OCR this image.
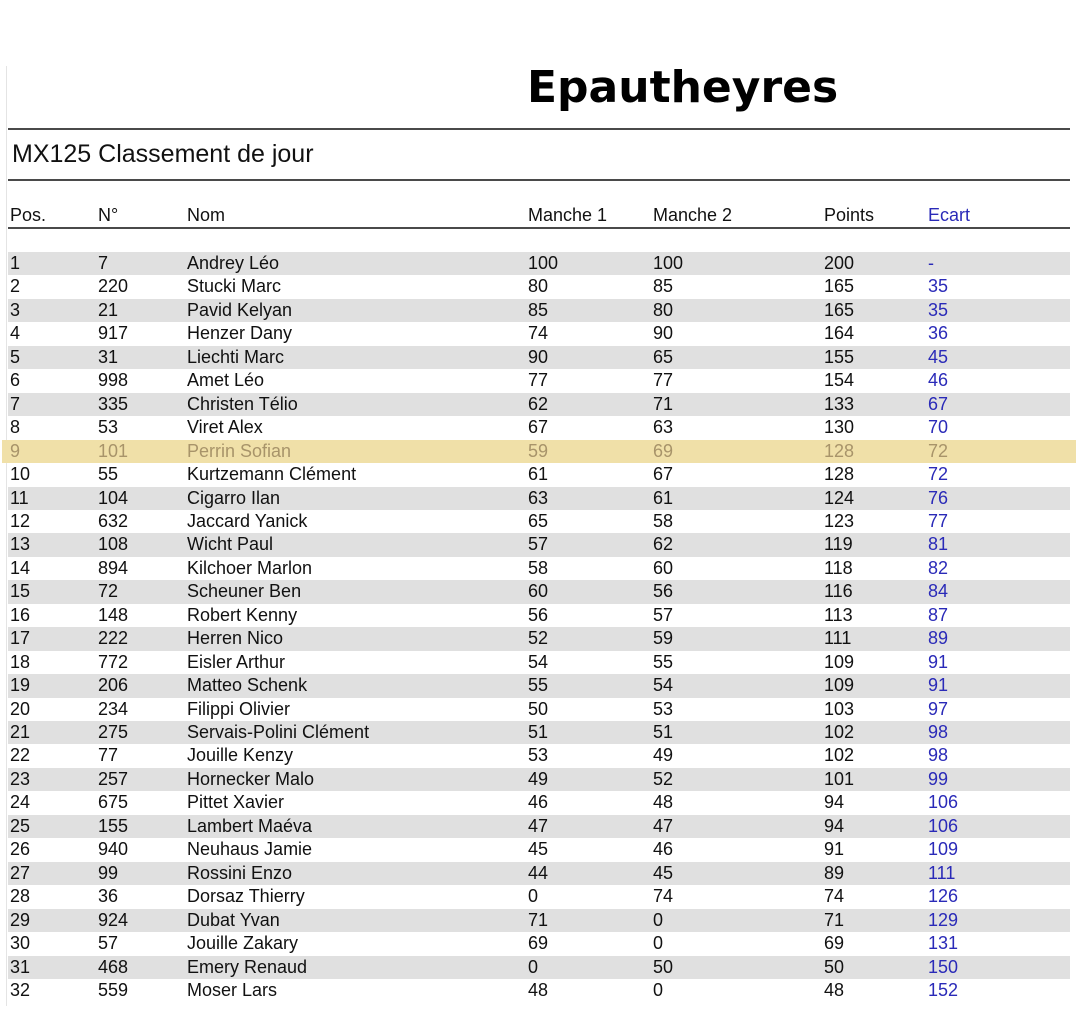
Epautheyres
MX125 Classement de jour
Pos.	N°	Nom	Manche 1	Manche 2	Points	Ecart
1	7	Andrey Léo	100	100	200	-
2	220	Stucki Marc	80	85	165	35
3	21	Pavid Kelyan	85	80	165	35
4	917	Henzer Dany	74	90	164	36
5	31	Liechti Marc	90	65	155	45
6	998	Amet Léo	77	77	154	46
7	335	Christen Télio	62	71	133	67
8	53	Viret Alex	67	63	130	70
9	101	Perrin Sofian	59	69	128	72
10	55	Kurtzemann Clément	61	67	128	72
11	104	Cigarro Ilan	63	61	124	76
12	632	Jaccard Yanick	65	58	123	77
13	108	Wicht Paul	57	62	119	81
14	894	Kilchoer Marlon	58	60	118	82
15	72	Scheuner Ben	60	56	116	84
16	148	Robert Kenny	56	57	113	87
17	222	Herren Nico	52	59	111	89
18	772	Eisler Arthur	54	55	109	91
19	206	Matteo Schenk	55	54	109	91
20	234	Filippi Olivier	50	53	103	97
21	275	Servais-Polini Clément	51	51	102	98
22	77	Jouille Kenzy	53	49	102	98
23	257	Hornecker Malo	49	52	101	99
24	675	Pittet Xavier	46	48	94	106
25	155	Lambert Maéva	47	47	94	106
26	940	Neuhaus Jamie	45	46	91	109
27	99	Rossini Enzo	44	45	89	111
28	36	Dorsaz Thierry	0	74	74	126
29	924	Dubat Yvan	71	0	71	129
30	57	Jouille Zakary	69	0	69	131
31	468	Emery Renaud	0	50	50	150
32	559	Moser Lars	48	0	48	152
